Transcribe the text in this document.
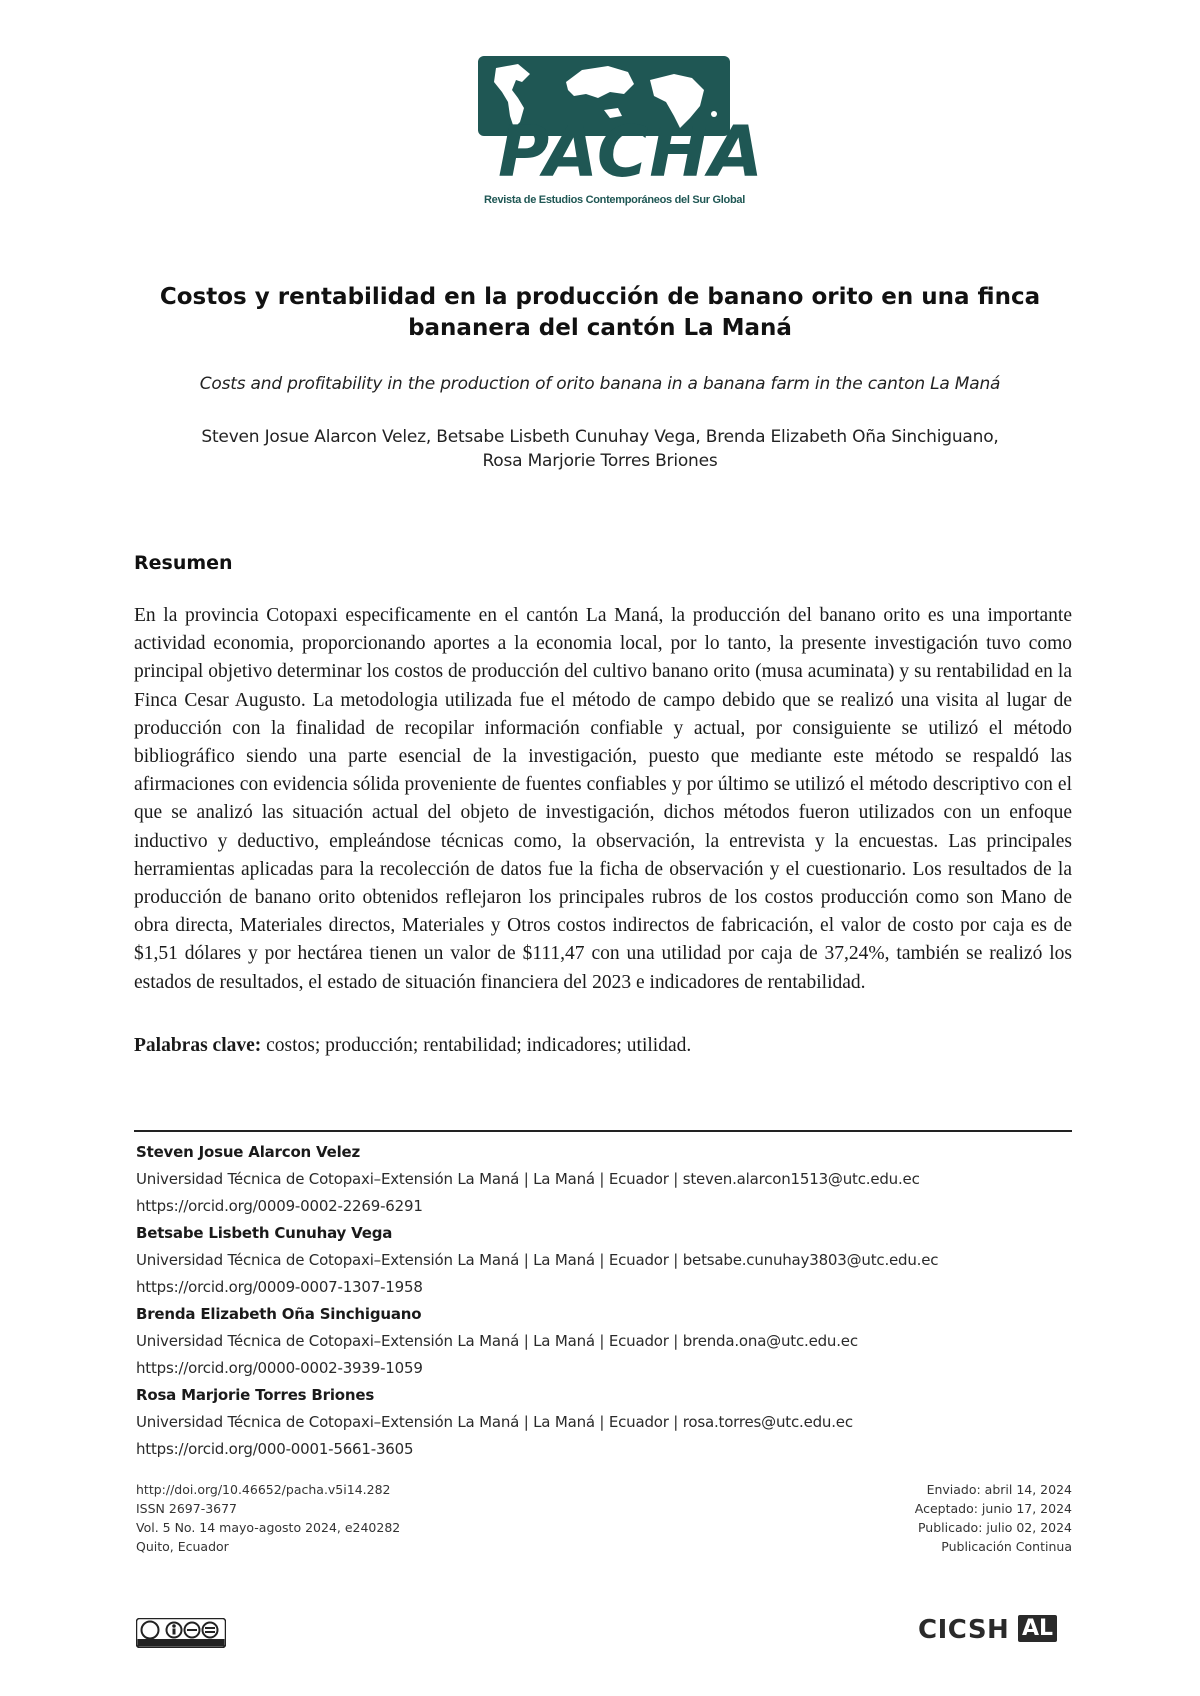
PACHA
Revista de Estudios Contemporáneos del Sur Global
Costos y rentabilidad en la producción de banano orito en una finca bananera del cantón La Maná
Costs and profitability in the production of orito banana in a banana farm in the canton La Maná
Steven Josue Alarcon Velez, Betsabe Lisbeth Cunuhay Vega, Brenda Elizabeth Oña Sinchiguano,
Rosa Marjorie Torres Briones
Resumen

En la provincia Cotopaxi especificamente en el cantón La Maná, la producción del banano orito es una importante actividad economia, proporcionando aportes a la economia local, por lo tanto, la presente investigación tuvo como principal objetivo determinar los costos de producción del cultivo banano orito (musa acuminata) y su rentabilidad en la Finca Cesar Augusto. La metodologia utilizada fue el método de campo debido que se realizó una visita al lugar de producción con la finalidad de recopilar información confiable y actual, por consiguiente se utilizó el método bibliográfico siendo una parte esencial de la investigación, puesto que mediante este método se respaldó las afirmaciones con evidencia sólida proveniente de fuentes confiables y por último se utilizó el método descriptivo con el que se analizó las situación actual del objeto de investigación, dichos métodos fueron utilizados con un enfoque inductivo y deductivo, empleándose técnicas como, la observación, la entrevista y la encuestas. Las principales herramientas aplicadas para la recolección de datos fue la ficha de observación y el cuestionario. Los resultados de la producción de banano orito obtenidos reflejaron los principales rubros de los costos producción como son Mano de obra directa, Materiales directos, Materiales y Otros costos indirectos de fabricación, el valor de costo por caja es de $1,51 dólares y por hectárea tienen un valor de $111,47 con una utilidad por caja de 37,24%, también se realizó los estados de resultados, el estado de situación financiera del 2023 e indicadores de rentabilidad.

Palabras clave: costos; producción; rentabilidad; indicadores; utilidad.
Steven Josue Alarcon Velez
Universidad Técnica de Cotopaxi–Extensión La Maná | La Maná | Ecuador | steven.alarcon1513@utc.edu.ec
https://orcid.org/0009-0002-2269-6291
Betsabe Lisbeth Cunuhay Vega
Universidad Técnica de Cotopaxi–Extensión La Maná | La Maná | Ecuador | betsabe.cunuhay3803@utc.edu.ec
https://orcid.org/0009-0007-1307-1958
Brenda Elizabeth Oña Sinchiguano
Universidad Técnica de Cotopaxi–Extensión La Maná | La Maná | Ecuador | brenda.ona@utc.edu.ec
https://orcid.org/0000-0002-3939-1059
Rosa Marjorie Torres Briones
Universidad Técnica de Cotopaxi–Extensión La Maná | La Maná | Ecuador | rosa.torres@utc.edu.ec
https://orcid.org/000-0001-5661-3605
http://doi.org/10.46652/pacha.v5i14.282
ISSN 2697-3677
Vol. 5 No. 14 mayo-agosto 2024, e240282
Quito, Ecuador
Enviado: abril 14, 2024
Aceptado: junio 17, 2024
Publicado: julio 02, 2024
Publicación Continua
CICSH AL
